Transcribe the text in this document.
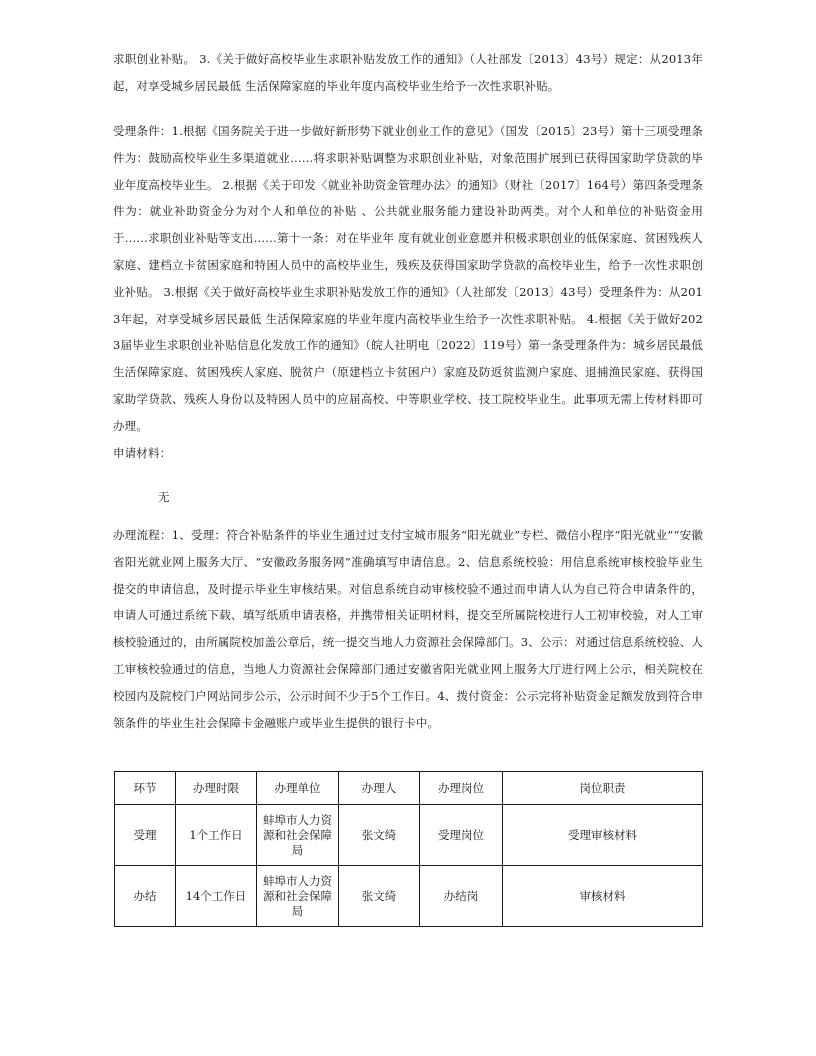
求职创业补贴。 3.《关于做好高校毕业生求职补贴发放工作的通知》（人社部发〔2013〕43号）规定：从2013年起，对享受城乡居民最低 生活保障家庭的毕业年度内高校毕业生给予一次性求职补贴。
受理条件：1.根据《国务院关于进一步做好新形势下就业创业工作的意见》（国发〔2015〕23号）第十三项受理条件为：鼓励高校毕业生多渠道就业……将求职补贴调整为求职创业补贴，对象范围扩展到已获得国家助学贷款的毕业年度高校毕业生。 2.根据《关于印发〈就业补助资金管理办法〉的通知》（财社〔2017〕164号）第四条受理条件为：就业补助资金分为对个人和单位的补贴 、公共就业服务能力建设补助两类。对个人和单位的补贴资金用于……求职创业补贴等支出……第十一条：对在毕业年 度有就业创业意愿并积极求职创业的低保家庭、贫困残疾人家庭、建档立卡贫困家庭和特困人员中的高校毕业生，残疾及获得国家助学贷款的高校毕业生，给予一次性求职创业补贴。 3.根据《关于做好高校毕业生求职补贴发放工作的通知》（人社部发〔2013〕43号）受理条件为：从2013年起，对享受城乡居民最低 生活保障家庭的毕业年度内高校毕业生给予一次性求职补贴。 4.根据《关于做好2023届毕业生求职创业补贴信息化发放工作的通知》（皖人社明电〔2022〕119号）第一条受理条件为：城乡居民最低生活保障家庭、贫困残疾人家庭、脱贫户（原建档立卡贫困户）家庭及防返贫监测户家庭、退捕渔民家庭、获得国家助学贷款、残疾人身份以及特困人员中的应届高校、中等职业学校、技工院校毕业生。此事项无需上传材料即可办理。
申请材料：
无
办理流程：1、受理：符合补贴条件的毕业生通过过支付宝城市服务“阳光就业”专栏、微信小程序“阳光就业”“安徽省阳光就业网上服务大厅、“安徽政务服务网”准确填写申请信息。2、信息系统校验：用信息系统审核校验毕业生提交的申请信息，及时提示毕业生审核结果。对信息系统自动审核校验不通过而申请人认为自己符合申请条件的，申请人可通过系统下载、填写纸质申请表格，并携带相关证明材料，提交至所属院校进行人工初审校验，对人工审核校验通过的，由所属院校加盖公章后，统一提交当地人力资源社会保障部门。3、公示：对通过信息系统校验、人工审核校验通过的信息，当地人力资源社会保障部门通过安徽省阳光就业网上服务大厅进行网上公示，相关院校在校园内及院校门户网站同步公示，公示时间不少于5个工作日。4、拨付资金：公示完将补贴资金足额发放到符合申领条件的毕业生社会保障卡金融账户或毕业生提供的银行卡中。
环节	办理时限	办理单位	办理人	办理岗位	岗位职责
受理	1个工作日	蚌埠市人力资源和社会保障局	张文绮	受理岗位	受理审核材料
办结	14个工作日	蚌埠市人力资源和社会保障局	张文绮	办结岗	审核材料
